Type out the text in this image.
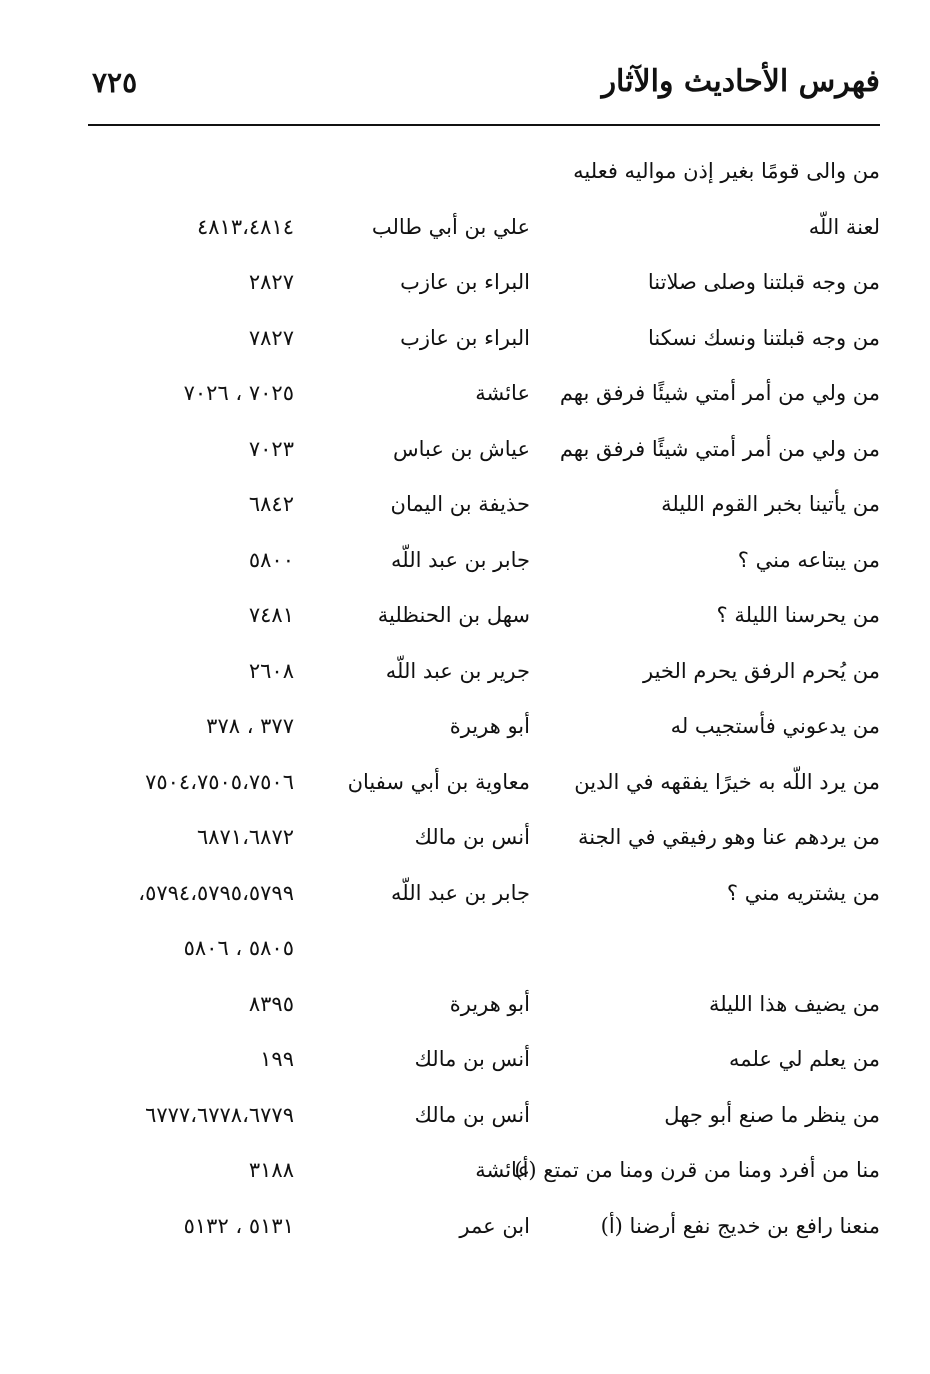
فهرس الأحاديث والآثار
٧٢٥
من والى قومًا بغير إذن مواليه فعليه
لعنة اللّه
علي بن أبي طالب
٤٨١٣،٤٨١٤
من وجه قبلتنا وصلى صلاتنا
البراء بن عازب
٢٨٢٧
من وجه قبلتنا ونسك نسكنا
البراء بن عازب
٧٨٢٧
من ولي من أمر أمتي شيئًا فرفق بهم
عائشة
٧٠٢٥ ، ٧٠٢٦
من ولي من أمر أمتي شيئًا فرفق بهم
عياش بن عباس
٧٠٢٣
من يأتينا بخبر القوم الليلة
حذيفة بن اليمان
٦٨٤٢
من يبتاعه مني ؟
جابر بن عبد اللّه
٥٨٠٠
من يحرسنا الليلة ؟
سهل بن الحنظلية
٧٤٨١
من يُحرم الرفق يحرم الخير
جرير بن عبد اللّه
٢٦٠٨
من يدعوني فأستجيب له
أبو هريرة
٣٧٧ ، ٣٧٨
من يرد اللّه به خيرًا يفقهه في الدين
معاوية بن أبي سفيان
٧٥٠٤،٧٥٠٥،٧٥٠٦
من يردهم عنا وهو رفيقي في الجنة
أنس بن مالك
٦٨٧١،٦٨٧٢
من يشتريه مني ؟
جابر بن عبد اللّه
٥٧٩٤،٥٧٩٥،٥٧٩٩،
٥٨٠٥ ، ٥٨٠٦
من يضيف هذا الليلة
أبو هريرة
٨٣٩٥
من يعلم لي علمه
أنس بن مالك
١٩٩
من ينظر ما صنع أبو جهل
أنس بن مالك
٦٧٧٧،٦٧٧٨،٦٧٧٩
منا من أفرد ومنا من قرن ومنا من تمتع (أ)
عائشة
٣١٨٨
منعنا رافع بن خديج نفع أرضنا (أ)
ابن عمر
٥١٣١ ، ٥١٣٢
